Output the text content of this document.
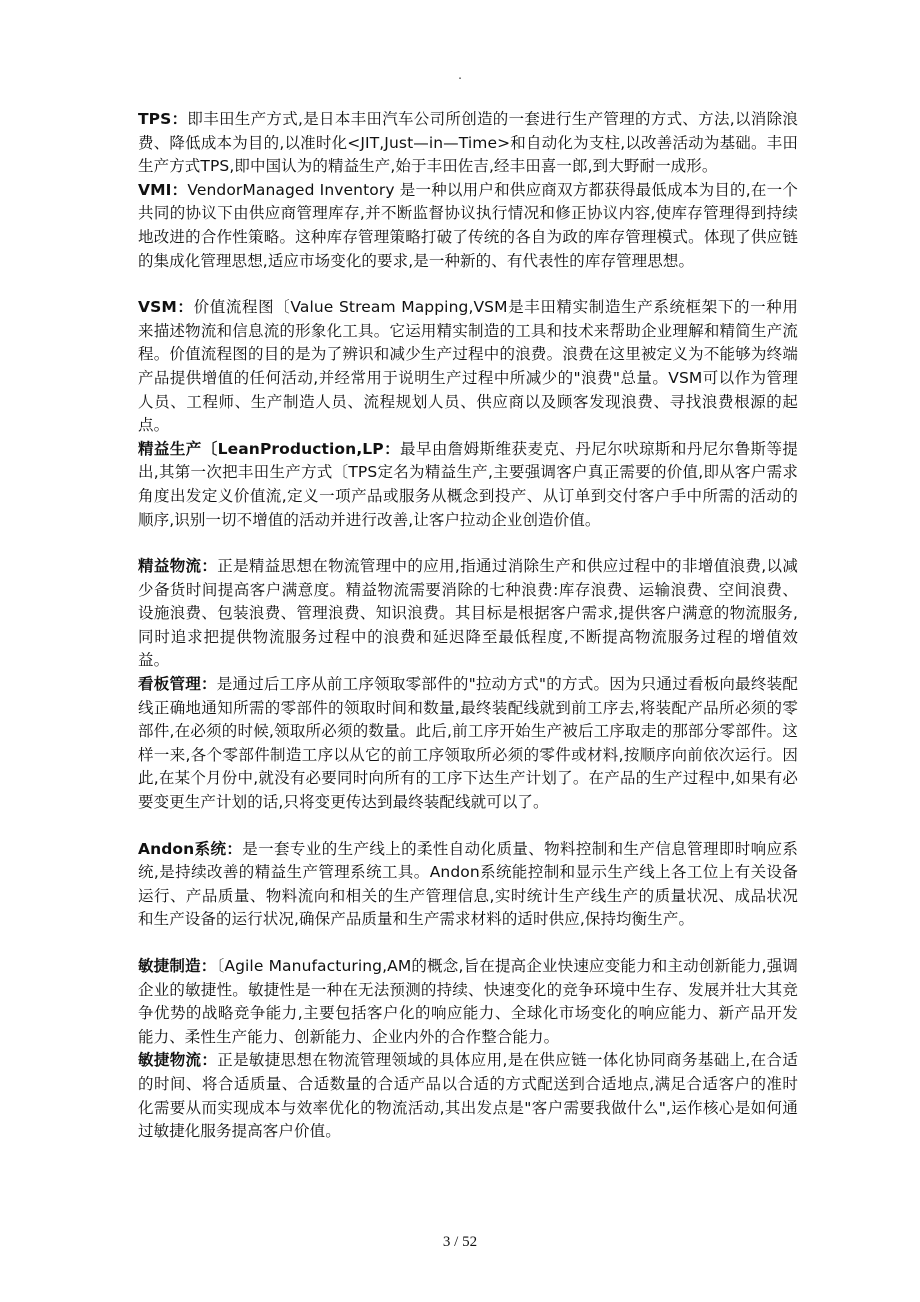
.

TPS：即丰田生产方式,是日本丰田汽车公司所创造的一套进行生产管理的方式、方法,以消除浪费、降低成本为目的,以准时化<JIT,Just—in—Time>和自动化为支柱,以改善活动为基础。丰田生产方式TPS,即中国认为的精益生产,始于丰田佐吉,经丰田喜一郎,到大野耐一成形。

VMI：VendorManaged Inventory 是一种以用户和供应商双方都获得最低成本为目的,在一个共同的协议下由供应商管理库存,并不断监督协议执行情况和修正协议内容,使库存管理得到持续地改进的合作性策略。这种库存管理策略打破了传统的各自为政的库存管理模式。体现了供应链的集成化管理思想,适应市场变化的要求,是一种新的、有代表性的库存管理思想。

VSM：价值流程图〔Value Stream Mapping,VSM是丰田精实制造生产系统框架下的一种用来描述物流和信息流的形象化工具。它运用精实制造的工具和技术来帮助企业理解和精简生产流程。价值流程图的目的是为了辨识和减少生产过程中的浪费。浪费在这里被定义为不能够为终端产品提供增值的任何活动,并经常用于说明生产过程中所减少的"浪费"总量。VSM可以作为管理人员、工程师、生产制造人员、流程规划人员、供应商以及顾客发现浪费、寻找浪费根源的起点。

精益生产〔LeanProduction,LP：最早由詹姆斯维获麦克、丹尼尔吠琼斯和丹尼尔鲁斯等提出,其第一次把丰田生产方式〔TPS定名为精益生产,主要强调客户真正需要的价值,即从客户需求角度出发定义价值流,定义一项产品或服务从概念到投产、从订单到交付客户手中所需的活动的顺序,识别一切不增值的活动并进行改善,让客户拉动企业创造价值。

精益物流：正是精益思想在物流管理中的应用,指通过消除生产和供应过程中的非增值浪费,以减少备货时间提高客户满意度。精益物流需要消除的七种浪费:库存浪费、运输浪费、空间浪费、设施浪费、包装浪费、管理浪费、知识浪费。其目标是根据客户需求,提供客户满意的物流服务,同时追求把提供物流服务过程中的浪费和延迟降至最低程度,不断提高物流服务过程的增值效益。

看板管理：是通过后工序从前工序领取零部件的"拉动方式"的方式。因为只通过看板向最终装配线正确地通知所需的零部件的领取时间和数量,最终装配线就到前工序去,将装配产品所必须的零部件,在必须的时候,领取所必须的数量。此后,前工序开始生产被后工序取走的那部分零部件。这样一来,各个零部件制造工序以从它的前工序领取所必须的零件或材料,按顺序向前依次运行。因此,在某个月份中,就没有必要同时向所有的工序下达生产计划了。在产品的生产过程中,如果有必要变更生产计划的话,只将变更传达到最终装配线就可以了。

Andon系统：是一套专业的生产线上的柔性自动化质量、物料控制和生产信息管理即时响应系统,是持续改善的精益生产管理系统工具。Andon系统能控制和显示生产线上各工位上有关设备运行、产品质量、物料流向和相关的生产管理信息,实时统计生产线生产的质量状况、成品状况和生产设备的运行状况,确保产品质量和生产需求材料的适时供应,保持均衡生产。

敏捷制造：〔Agile Manufacturing,AM的概念,旨在提高企业快速应变能力和主动创新能力,强调企业的敏捷性。敏捷性是一种在无法预测的持续、快速变化的竞争环境中生存、发展并壮大其竞争优势的战略竞争能力,主要包括客户化的响应能力、全球化市场变化的响应能力、新产品开发能力、柔性生产能力、创新能力、企业内外的合作整合能力。

敏捷物流：正是敏捷思想在物流管理领域的具体应用,是在供应链一体化协同商务基础上,在合适的时间、将合适质量、合适数量的合适产品以合适的方式配送到合适地点,满足合适客户的准时化需要从而实现成本与效率优化的物流活动,其出发点是"客户需要我做什么",运作核心是如何通过敏捷化服务提高客户价值。

3 / 52
